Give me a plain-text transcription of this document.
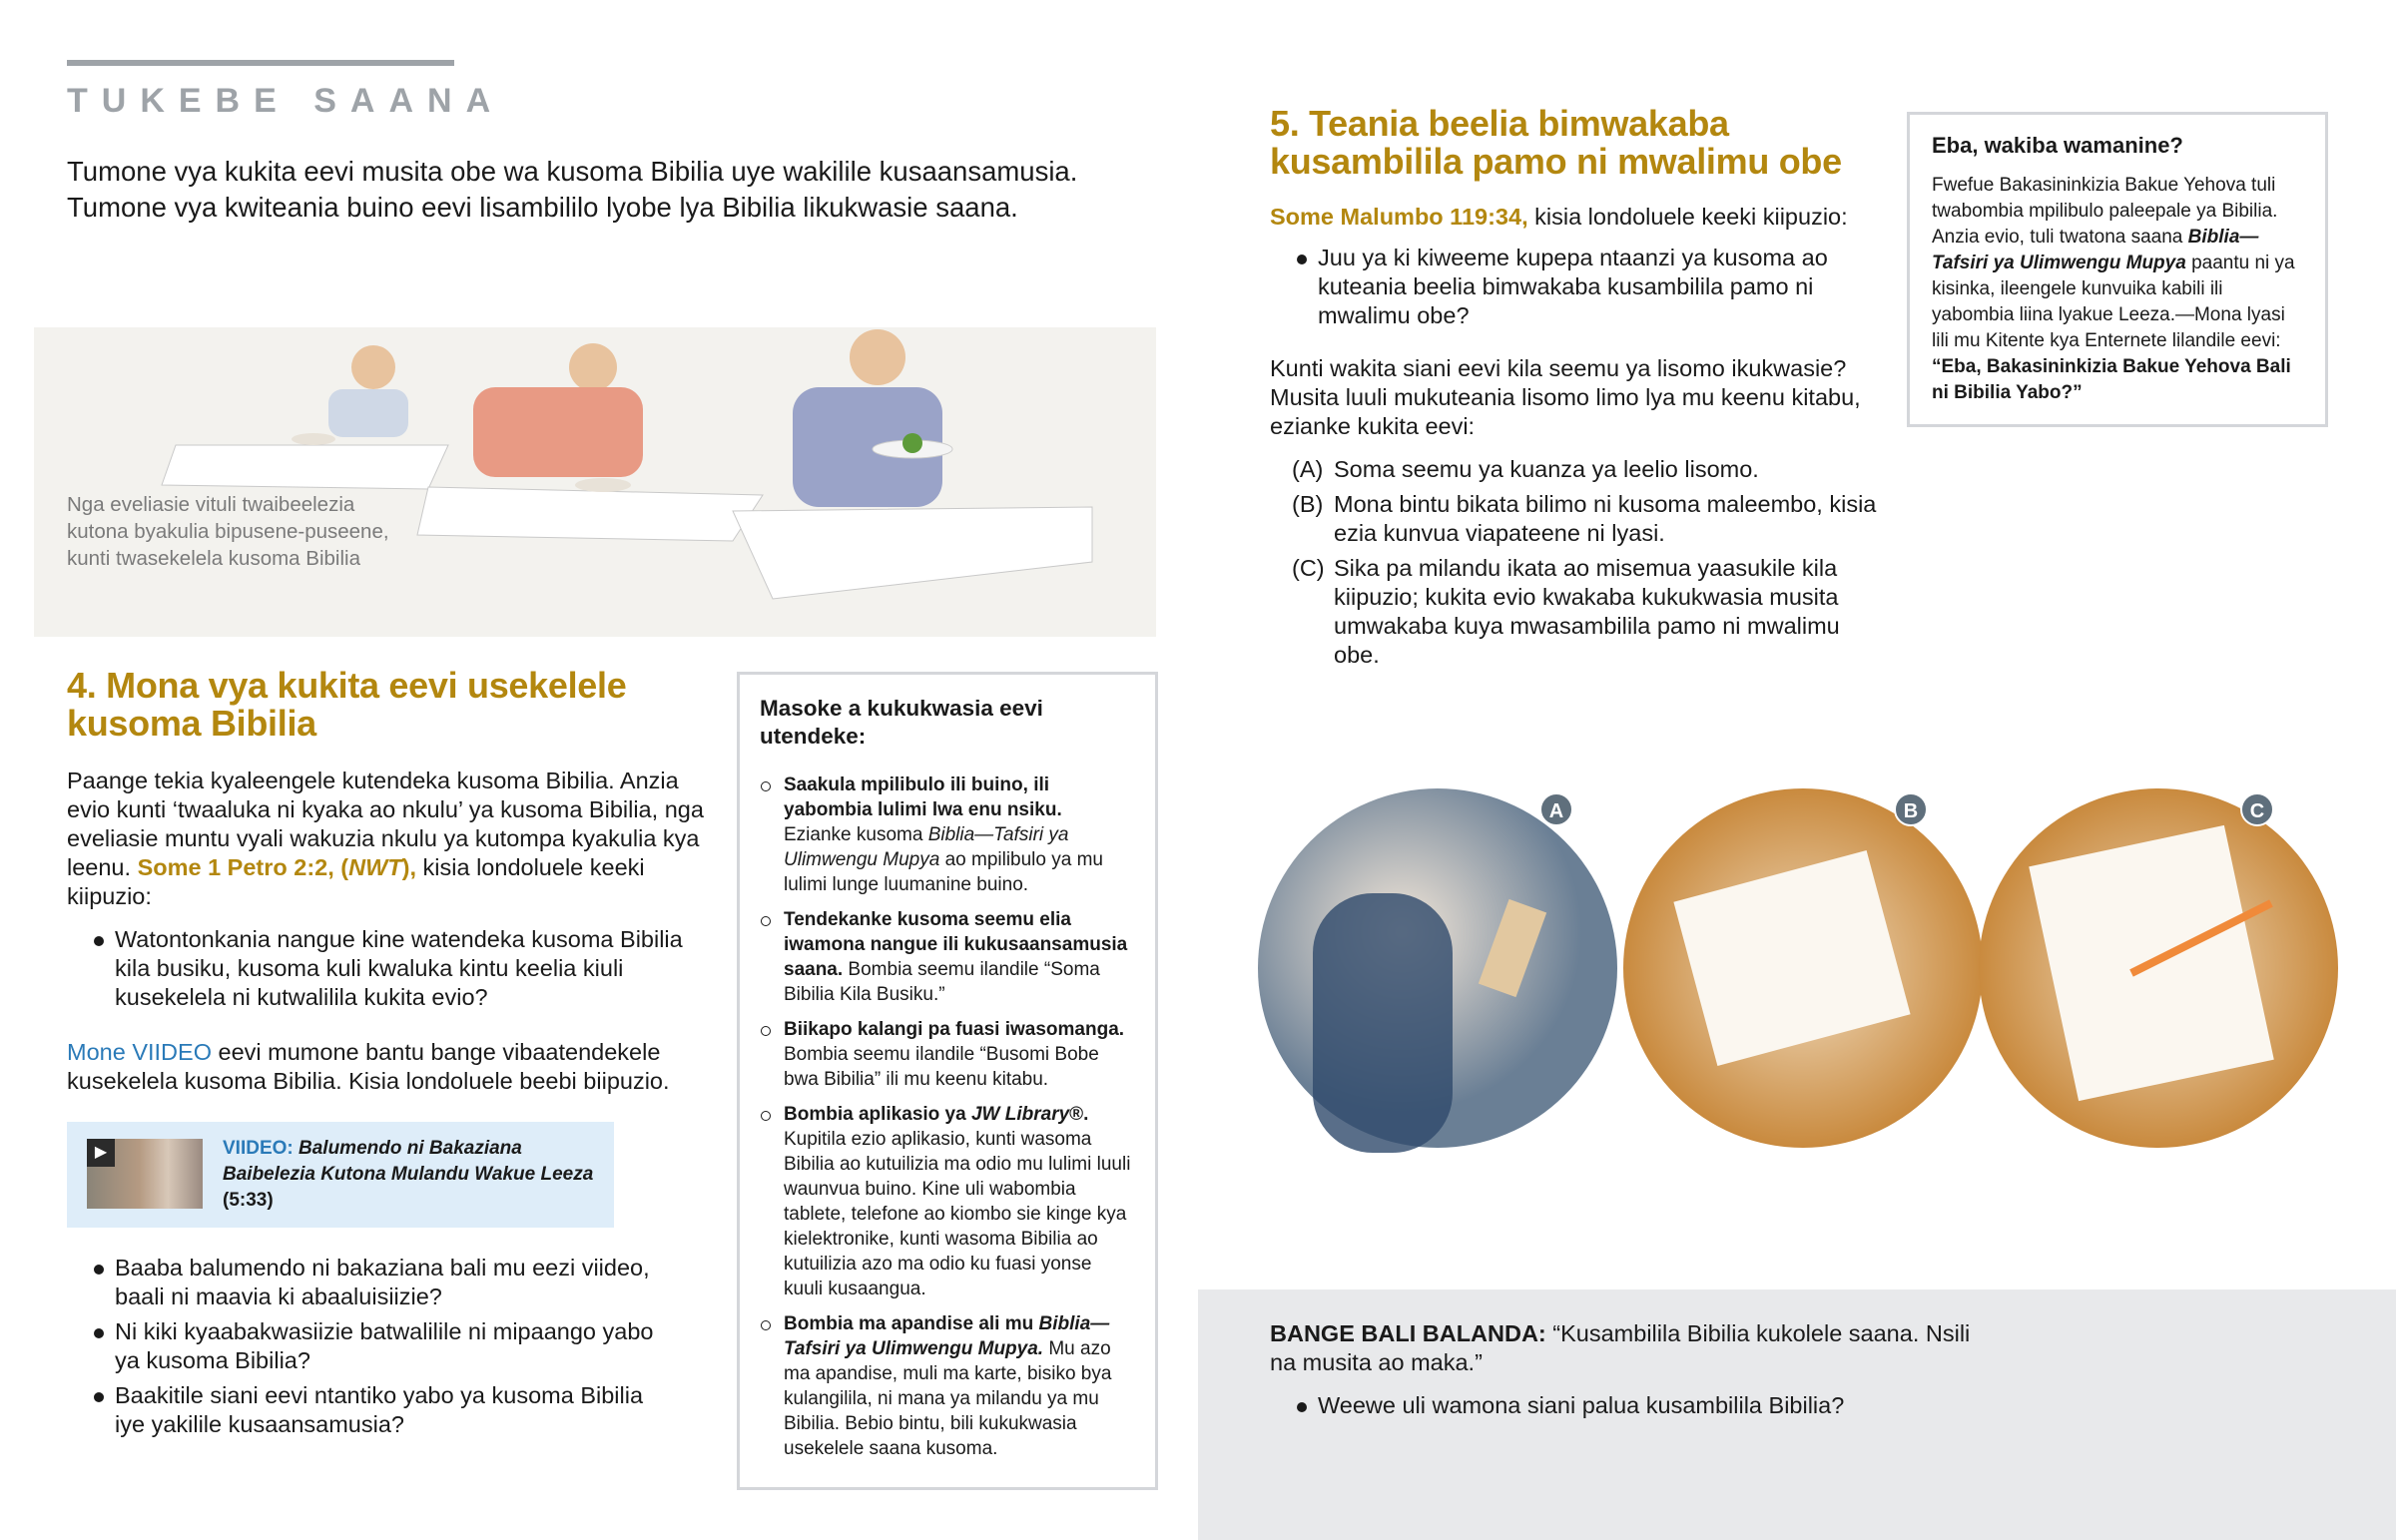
TUKEBE SAANA

Tumone vya kukita eevi musita obe wa kusoma Bibilia uye wakilile kusaansamusia. Tumone vya kwiteania buino eevi lisambililo lyobe lya Bibilia likukwasie saana.

Nga eveliasie vituli twaibeelezia kutona byakulia bipusene-puseene, kunti twasekelela kusoma Bibilia

4. Mona vya kukita eevi usekelele kusoma Bibilia

Paange tekia kyaleengele kutendeka kusoma Bibilia. Anzia evio kunti ‘twaaluka ni kyaka ao nkulu’ ya kusoma Bibilia, nga eveliasie muntu vyali wakuzia nkulu ya kutompa kyakulia kya leenu. Some 1 Petro 2:2, (NWT), kisia londoluele keeki kiipuzio:

Watontonkania nangue kine watendeka kusoma Bibilia kila busiku, kusoma kuli kwaluka kintu keelia kiuli kusekelela ni kutwalilila kukita evio?

Mone VIIDEO eevi mumone bantu bange vibaatendekele kusekelela kusoma Bibilia. Kisia londoluele beebi biipuzio.

▶	VIIDEO: Balumendo ni Bakaziana Baibelezia Kutona Mulandu Wakue Leeza (5:33)
Baaba balumendo ni bakaziana bali mu eezi viideo, baali ni maavia ki abaaluisiizie?
Ni kiki kyaabakwasiizie batwalilile ni mipaango yabo ya kusoma Bibilia?
Baakitile siani eevi ntantiko yabo ya kusoma Bibilia iye yakilile kusaansamusia?
Masoke a kukukwasia eevi utendeke:
Saakula mpilibulo ili buino, ili yabombia lulimi lwa enu nsiku. Ezianke kusoma Biblia—Tafsiri ya Ulimwengu Mupya ao mpilibulo ya mu lulimi lunge luumanine buino.
Tendekanke kusoma seemu elia iwamona nangue ili kukusaansamusia saana. Bombia seemu ilandile “Soma Bibilia Kila Busiku.”
Biikapo kalangi pa fuasi iwasomanga. Bombia seemu ilandile “Busomi Bobe bwa Bibilia” ili mu keenu kitabu.
Bombia aplikasio ya JW Library®. Kupitila ezio aplikasio, kunti wasoma Bibilia ao kutuilizia ma odio mu lulimi luuli waunvua buino. Kine uli wabombia tablete, telefone ao kiombo sie kinge kya kielektronike, kunti wasoma Bibilia ao kutuilizia azo ma odio ku fuasi yonse kuuli kusaangua.
Bombia ma apandise ali mu Biblia—Tafsiri ya Ulimwengu Mupya. Mu azo ma apandise, muli ma karte, bisiko bya kulangilila, ni mana ya milandu ya mu Bibilia. Bebio bintu, bili kukukwasia usekelele saana kusoma.
5. Teania beelia bimwakaba kusambilila pamo ni mwalimu obe

Some Malumbo 119:34, kisia londoluele keeki kiipuzio:

Juu ya ki kiweeme kupepa ntaanzi ya kusoma ao kuteania beelia bimwakaba kusambilila pamo ni mwalimu obe?

Kunti wakita siani eevi kila seemu ya lisomo ikukwasie? Musita luuli mukuteania lisomo limo lya mu keenu kitabu, ezianke kukita eevi:

(A) Soma seemu ya kuanza ya leelio lisomo.
(B) Mona bintu bikata bilimo ni kusoma maleembo, kisia ezia kunvua viapateene ni lyasi.
(C) Sika pa milandu ikata ao misemua yaasukile kila kiipuzio; kukita evio kwakaba kukukwasia musita umwakaba kuya mwasambilila pamo ni mwalimu obe.
Eba, wakiba wamanine?

Fwefue Bakasininkizia Bakue Yehova tuli twabombia mpilibulo paleepale ya Bibilia. Anzia evio, tuli twatona saana Biblia—Tafsiri ya Ulimwengu Mupya paantu ni ya kisinka, ileengele kunvuika kabili ili yabombia liina lyakue Leeza.—Mona lyasi lili mu Kitente kya Enternete lilandile eevi: “Eba, Bakasininkizia Bakue Yehova Bali ni Bibilia Yabo?”

A	B	C

BANGE BALI BALANDA: “Kusambilila Bibilia kukolele saana. Nsili na musita ao maka.”

Weewe uli wamona siani palua kusambilila Bibilia?
